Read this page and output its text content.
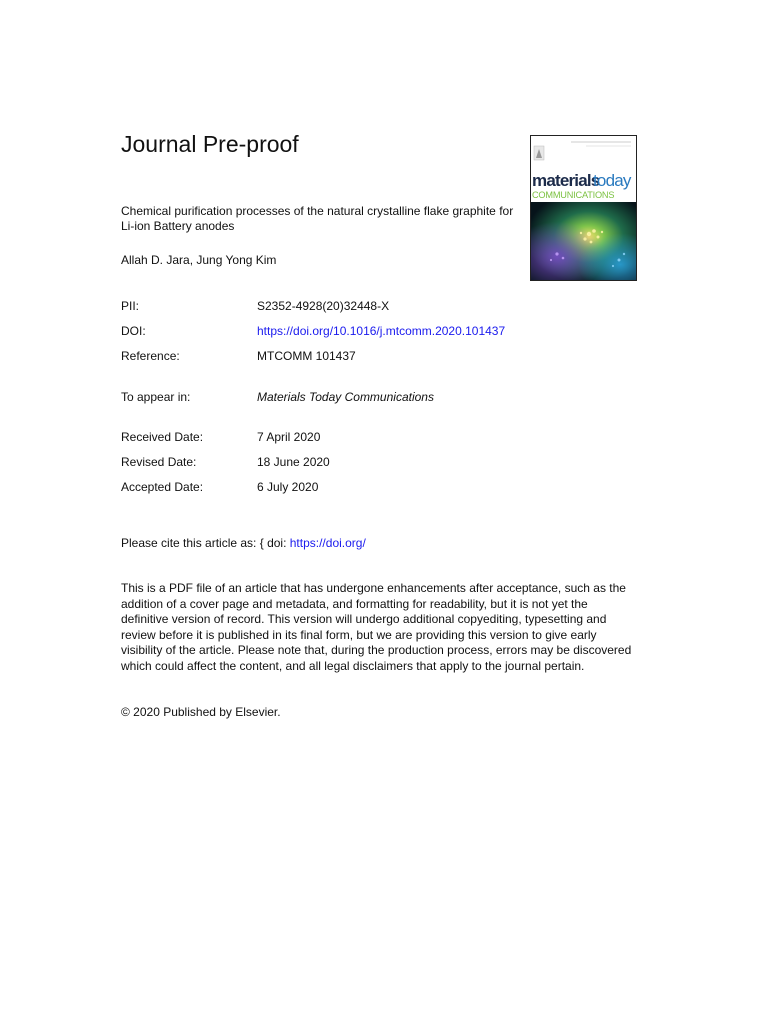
Journal Pre-proof
materials
today
COMMUNICATIONS

Chemical purification processes of the natural crystalline flake graphite for Li-ion Battery anodes

Allah D. Jara, Jung Yong Kim
PII:	S2352-4928(20)32448-X
DOI:	https://doi.org/10.1016/j.mtcomm.2020.101437
Reference:	MTCOMM 101437
To appear in:	Materials Today Communications
Received Date:	7 April 2020
Revised Date:	18 June 2020
Accepted Date:	6 July 2020
Please cite this article as: { doi: https://doi.org/

This is a PDF file of an article that has undergone enhancements after acceptance, such as the addition of a cover page and metadata, and formatting for readability, but it is not yet the definitive version of record. This version will undergo additional copyediting, typesetting and review before it is published in its final form, but we are providing this version to give early visibility of the article. Please note that, during the production process, errors may be discovered which could affect the content, and all legal disclaimers that apply to the journal pertain.

© 2020 Published by Elsevier.
